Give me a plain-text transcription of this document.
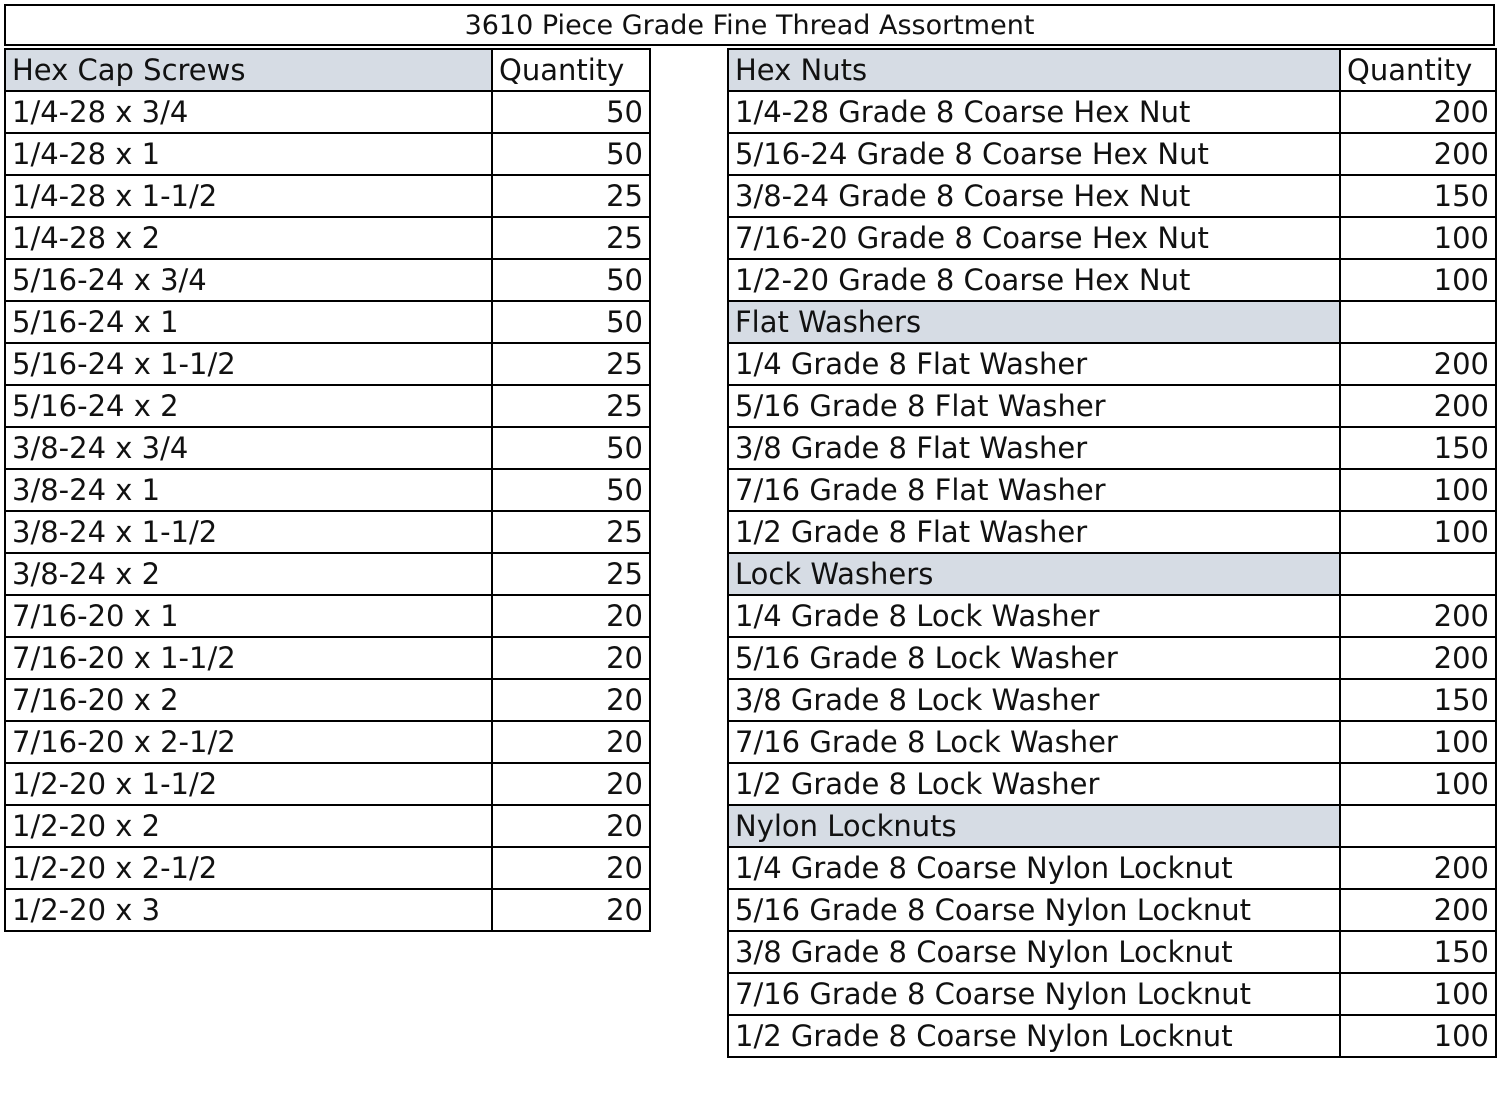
3610 Piece Grade Fine Thread Assortment
Hex Cap Screws	Quantity
1/4-28 x 3/4	50
1/4-28 x 1	50
1/4-28 x 1-1/2	25
1/4-28 x 2	25
5/16-24 x 3/4	50
5/16-24 x 1	50
5/16-24 x 1-1/2	25
5/16-24 x 2	25
3/8-24 x 3/4	50
3/8-24 x 1	50
3/8-24 x 1-1/2	25
3/8-24 x 2	25
7/16-20 x 1	20
7/16-20 x 1-1/2	20
7/16-20 x 2	20
7/16-20 x 2-1/2	20
1/2-20 x 1-1/2	20
1/2-20 x 2	20
1/2-20 x 2-1/2	20
1/2-20 x 3	20
Hex Nuts	Quantity
1/4-28 Grade 8 Coarse Hex Nut	200
5/16-24 Grade 8 Coarse Hex Nut	200
3/8-24 Grade 8 Coarse Hex Nut	150
7/16-20 Grade 8 Coarse Hex Nut	100
1/2-20 Grade 8 Coarse Hex Nut	100
Flat Washers	
1/4 Grade 8 Flat Washer	200
5/16 Grade 8 Flat Washer	200
3/8 Grade 8 Flat Washer	150
7/16 Grade 8 Flat Washer	100
1/2 Grade 8 Flat Washer	100
Lock Washers	
1/4 Grade 8 Lock Washer	200
5/16 Grade 8 Lock Washer	200
3/8 Grade 8 Lock Washer	150
7/16 Grade 8 Lock Washer	100
1/2 Grade 8 Lock Washer	100
Nylon Locknuts	
1/4 Grade 8 Coarse Nylon Locknut	200
5/16 Grade 8 Coarse Nylon Locknut	200
3/8 Grade 8 Coarse Nylon Locknut	150
7/16 Grade 8 Coarse Nylon Locknut	100
1/2 Grade 8 Coarse Nylon Locknut	100
